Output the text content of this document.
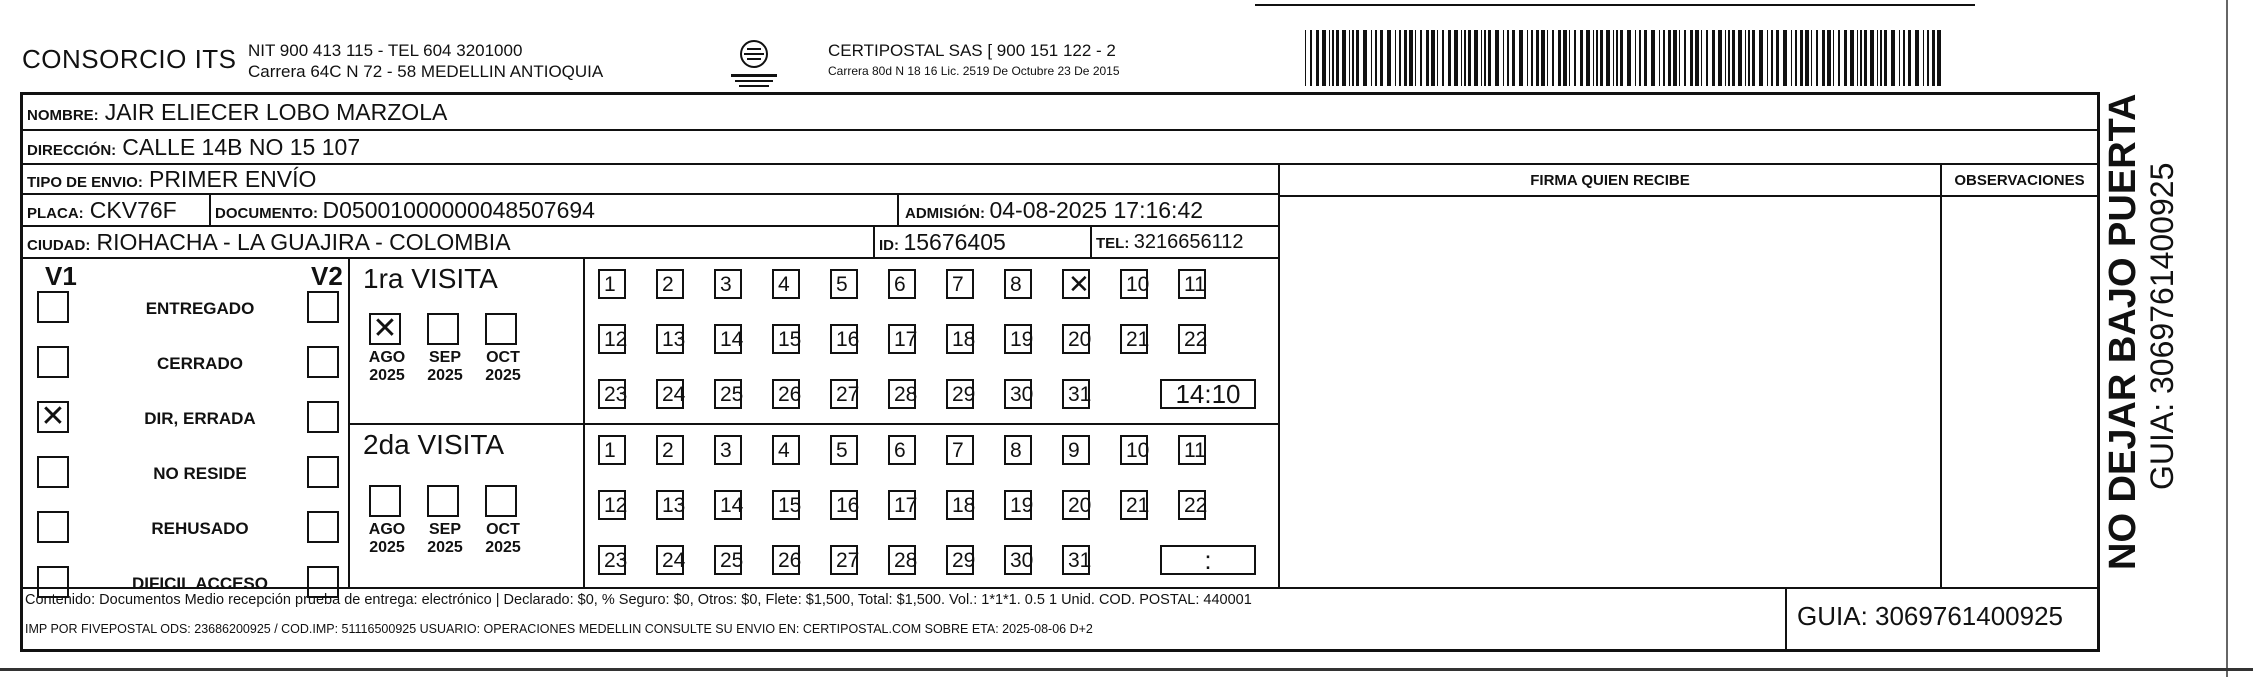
CONSORCIO ITS NIT 900 413 115 - TEL 604 3201000
Carrera 64C N 72 - 58 MEDELLIN ANTIOQUIA
CERTIPOSTAL SAS [ 900 151 122 - 2
Carrera 80d N 18 16 Lic. 2519 De Octubre 23 De 2015
NOMBRE: JAIR ELIECER LOBO MARZOLA
DIRECCIÓN: CALLE 14B NO 15 107
TIPO DE ENVIO: PRIMER ENVÍO
PLACA: CKV76F	DOCUMENTO: D05001000000048507694	ADMISIÓN: 04-08-2025 17:16:42
CIUDAD: RIOHACHA - LA GUAJIRA - COLOMBIA	ID: 15676405	TEL: 3216656112
FIRMA QUIEN RECIBE	OBSERVACIONES
V1	V2
ENTREGADO
CERRADO
✕	DIR, ERRADA
NO RESIDE
REHUSADO
DIFICIL ACCESO
1ra VISITA
2da VISITA
✕
AGO
2025
SEP
2025
OCT
2025
AGO
2025
SEP
2025
OCT
2025
1	2	3	4	5	6	7	8	✕ 10 11
12 13 14 15 16 17 18 19 20 21 22
23 24 25 26 27 28 29 30 31	14:10
1	2	3	4	5	6	7	8	9	10 11
12 13 14 15 16 17 18 19 20 21 22
23 24 25 26 27 28 29 30 31	:
Contenido: Documentos Medio recepción prueba de entrega: electrónico | Declarado: $0, % Seguro: $0, Otros: $0, Flete: $1,500, Total: $1,500. Vol.: 1*1*1. 0.5 1 Unid. COD. POSTAL: 440001
IMP POR FIVEPOSTAL ODS: 23686200925 / COD.IMP: 51116500925 USUARIO: OPERACIONES MEDELLIN CONSULTE SU ENVIO EN: CERTIPOSTAL.COM SOBRE ETA: 2025-08-06 D+2	GUIA: 3069761400925
NO DEJAR BAJO PUERTA GUIA: 3069761400925
